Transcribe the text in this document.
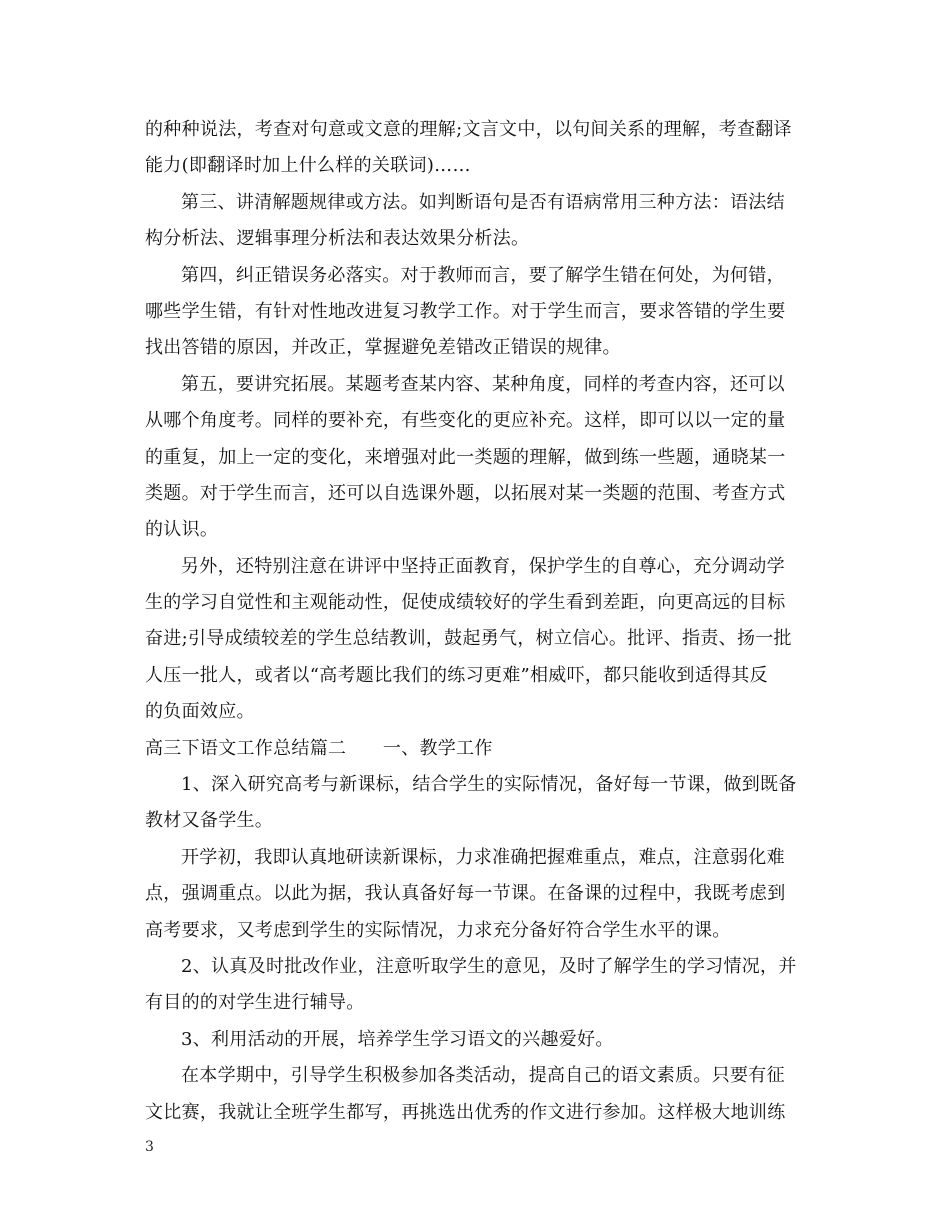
的种种说法，考查对句意或文意的理解;文言文中，以句间关系的理解，考查翻译
能力(即翻译时加上什么样的关联词)……
第三、讲清解题规律或方法。如判断语句是否有语病常用三种方法：语法结
构分析法、逻辑事理分析法和表达效果分析法。
第四，纠正错误务必落实。对于教师而言，要了解学生错在何处，为何错，
哪些学生错，有针对性地改进复习教学工作。对于学生而言，要求答错的学生要
找出答错的原因，并改正，掌握避免差错改正错误的规律。
第五，要讲究拓展。某题考查某内容、某种角度，同样的考查内容，还可以
从哪个角度考。同样的要补充，有些变化的更应补充。这样，即可以以一定的量
的重复，加上一定的变化，来增强对此一类题的理解，做到练一些题，通晓某一
类题。对于学生而言，还可以自选课外题，以拓展对某一类题的范围、考查方式
的认识。
另外，还特别注意在讲评中坚持正面教育，保护学生的自尊心，充分调动学
生的学习自觉性和主观能动性，促使成绩较好的学生看到差距，向更高远的目标
奋进;引导成绩较差的学生总结教训，鼓起勇气，树立信心。批评、指责、扬一批
人压一批人，或者以“高考题比我们的练习更难”相威吓，都只能收到适得其反
的负面效应。
高三下语文工作总结篇二　　一、教学工作
1、深入研究高考与新课标，结合学生的实际情况，备好每一节课，做到既备
教材又备学生。
开学初，我即认真地研读新课标，力求准确把握难重点，难点，注意弱化难
点，强调重点。以此为据，我认真备好每一节课。在备课的过程中，我既考虑到
高考要求，又考虑到学生的实际情况，力求充分备好符合学生水平的课。
2、认真及时批改作业，注意听取学生的意见，及时了解学生的学习情况，并
有目的的对学生进行辅导。
3、利用活动的开展，培养学生学习语文的兴趣爱好。
在本学期中，引导学生积极参加各类活动，提高自己的语文素质。只要有征
文比赛，我就让全班学生都写，再挑选出优秀的作文进行参加。这样极大地训练
3
